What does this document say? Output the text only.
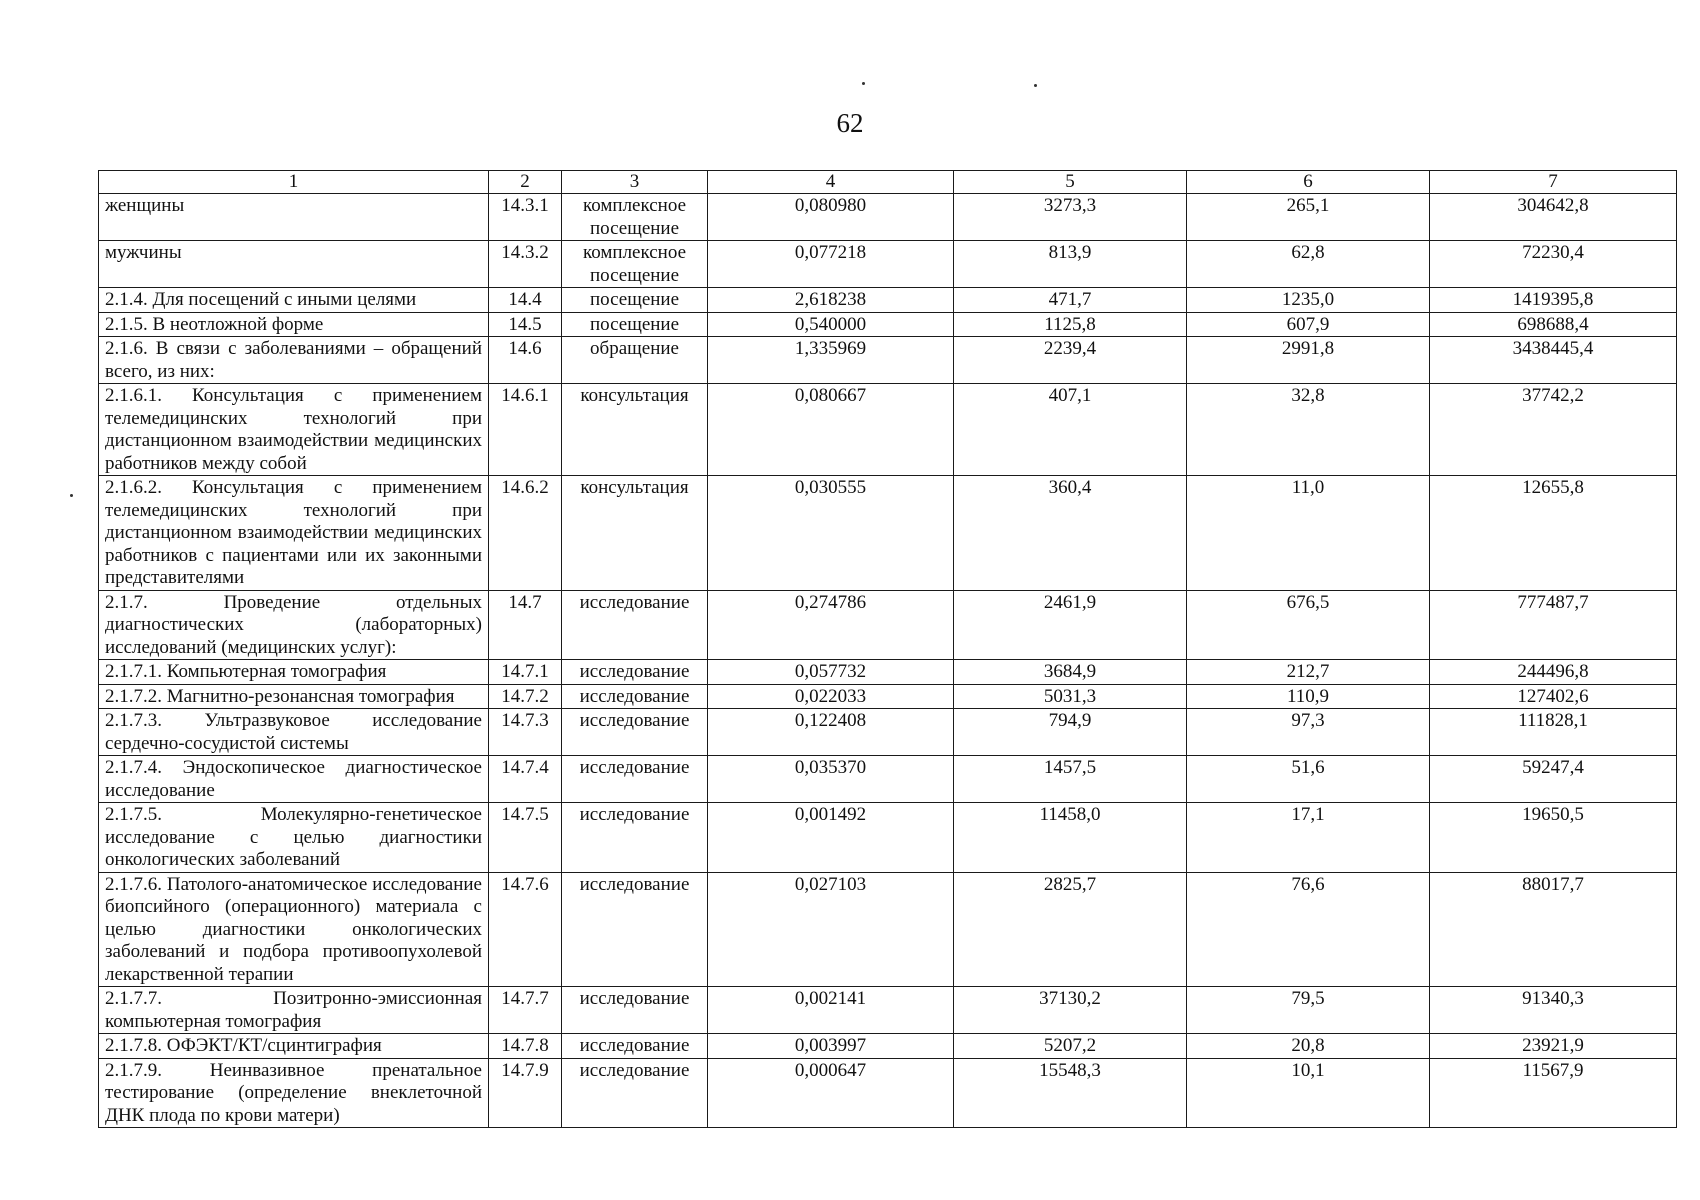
62
1	2	3	4	5	6	7
женщины	14.3.1	комплексное посещение	0,080980	3273,3	265,1	304642,8
мужчины	14.3.2	комплексное посещение	0,077218	813,9	62,8	72230,4
2.1.4. Для посещений с иными целями	14.4	посещение	2,618238	471,7	1235,0	1419395,8
2.1.5. В неотложной форме	14.5	посещение	0,540000	1125,8	607,9	698688,4
2.1.6. В связи с заболеваниями – обращений всего, из них:	14.6	обращение	1,335969	2239,4	2991,8	3438445,4
2.1.6.1. Консультация с применением телемедицинских технологий при дистанционном взаимодействии медицинских работников между собой	14.6.1	консультация	0,080667	407,1	32,8	37742,2
2.1.6.2. Консультация с применением телемедицинских технологий при дистанционном взаимодействии медицинских работников с пациентами или их законными представителями	14.6.2	консультация	0,030555	360,4	11,0	12655,8
2.1.7. Проведение отдельных диагностических (лабораторных) исследований (медицинских услуг):	14.7	исследование	0,274786	2461,9	676,5	777487,7
2.1.7.1. Компьютерная томография	14.7.1	исследование	0,057732	3684,9	212,7	244496,8
2.1.7.2. Магнитно-резонансная томография	14.7.2	исследование	0,022033	5031,3	110,9	127402,6
2.1.7.3. Ультразвуковое исследование сердечно-сосудистой системы	14.7.3	исследование	0,122408	794,9	97,3	111828,1
2.1.7.4. Эндоскопическое диагностическое исследование	14.7.4	исследование	0,035370	1457,5	51,6	59247,4
2.1.7.5. Молекулярно-генетическое исследование с целью диагностики онкологических заболеваний	14.7.5	исследование	0,001492	11458,0	17,1	19650,5
2.1.7.6. Патолого-анатомическое исследование биопсийного (операционного) материала с целью диагностики онкологических заболеваний и подбора противоопухолевой лекарственной терапии	14.7.6	исследование	0,027103	2825,7	76,6	88017,7
2.1.7.7. Позитронно-эмиссионная компьютерная томография	14.7.7	исследование	0,002141	37130,2	79,5	91340,3
2.1.7.8. ОФЭКТ/КТ/сцинтиграфия	14.7.8	исследование	0,003997	5207,2	20,8	23921,9
2.1.7.9. Неинвазивное пренатальное тестирование (определение внеклеточной ДНК плода по крови матери)	14.7.9	исследование	0,000647	15548,3	10,1	11567,9
